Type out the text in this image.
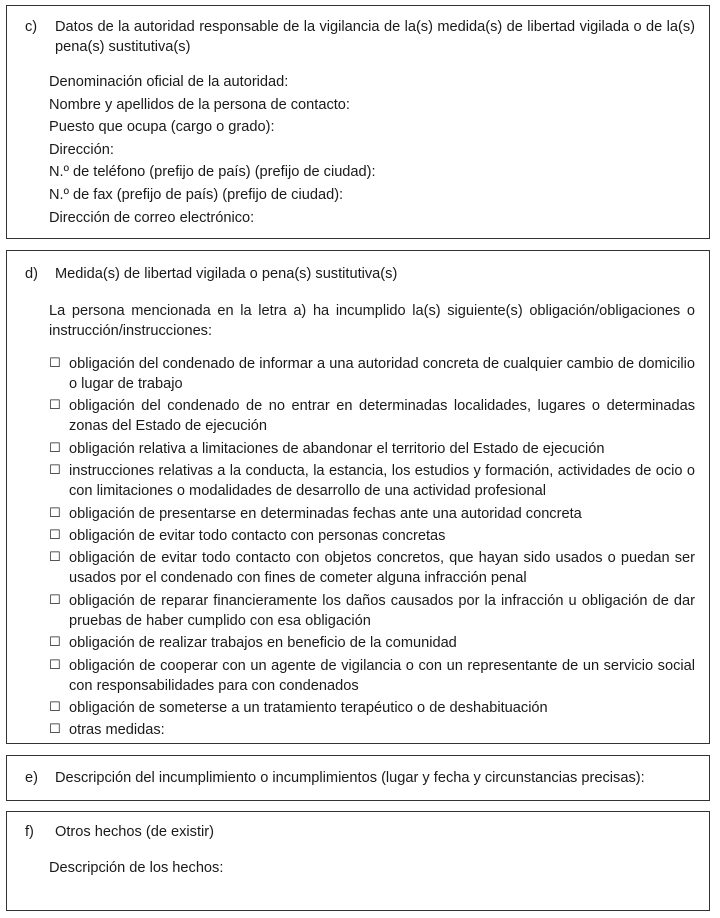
c)	Datos de la autoridad responsable de la vigilancia de la(s) medida(s) de libertad vigilada o de la(s) pena(s) sustitutiva(s)
Denominación oficial de la autoridad:
Nombre y apellidos de la persona de contacto:
Puesto que ocupa (cargo o grado):
Dirección:
N.º de teléfono (prefijo de país) (prefijo de ciudad):
N.º de fax (prefijo de país) (prefijo de ciudad):
Dirección de correo electrónico:
d)	Medida(s) de libertad vigilada o pena(s) sustitutiva(s)
La persona mencionada en la letra a) ha incumplido la(s) siguiente(s) obligación/obligaciones o instrucción/instrucciones:
☐ obligación del condenado de informar a una autoridad concreta de cualquier cambio de domicilio o lugar de trabajo
☐ obligación del condenado de no entrar en determinadas localidades, lugares o determinadas zonas del Estado de ejecución
☐ obligación relativa a limitaciones de abandonar el territorio del Estado de ejecución
☐ instrucciones relativas a la conducta, la estancia, los estudios y formación, actividades de ocio o con limitaciones o modalidades de desarrollo de una actividad profesional
☐ obligación de presentarse en determinadas fechas ante una autoridad concreta
☐ obligación de evitar todo contacto con personas concretas
☐ obligación de evitar todo contacto con objetos concretos, que hayan sido usados o puedan ser usados por el condenado con fines de cometer alguna infracción penal
☐ obligación de reparar financieramente los daños causados por la infracción u obligación de dar pruebas de haber cumplido con esa obligación
☐ obligación de realizar trabajos en beneficio de la comunidad
☐ obligación de cooperar con un agente de vigilancia o con un representante de un servicio social con responsabilidades para con condenados
☐ obligación de someterse a un tratamiento terapéutico o de deshabituación
☐ otras medidas:
e)	Descripción del incumplimiento o incumplimientos (lugar y fecha y circunstancias precisas):
f)	Otros hechos (de existir)
Descripción de los hechos:
